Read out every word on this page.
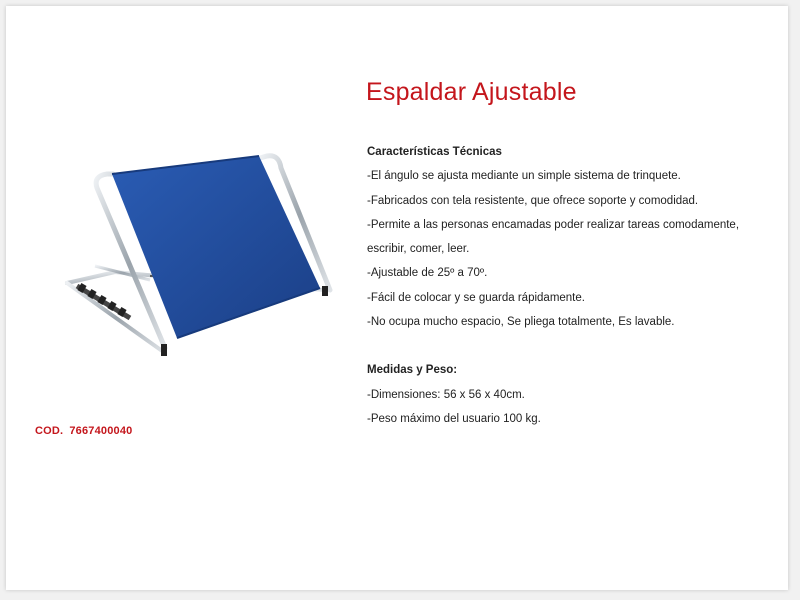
Espaldar Ajustable
Características Técnicas
-El ángulo se ajusta mediante un simple sistema de trinquete.
-Fabricados con tela resistente, que ofrece soporte y comodidad.
-Permite a las personas encamadas poder realizar tareas comodamente,
escribir, comer, leer.
-Ajustable de 25º a 70º.
-Fácil de colocar y se guarda rápidamente.
-No ocupa mucho espacio, Se pliega totalmente, Es lavable.
Medidas y Peso:
-Dimensiones: 56 x 56 x 40cm.
-Peso máximo del usuario 100 kg.
COD. 7667400040
